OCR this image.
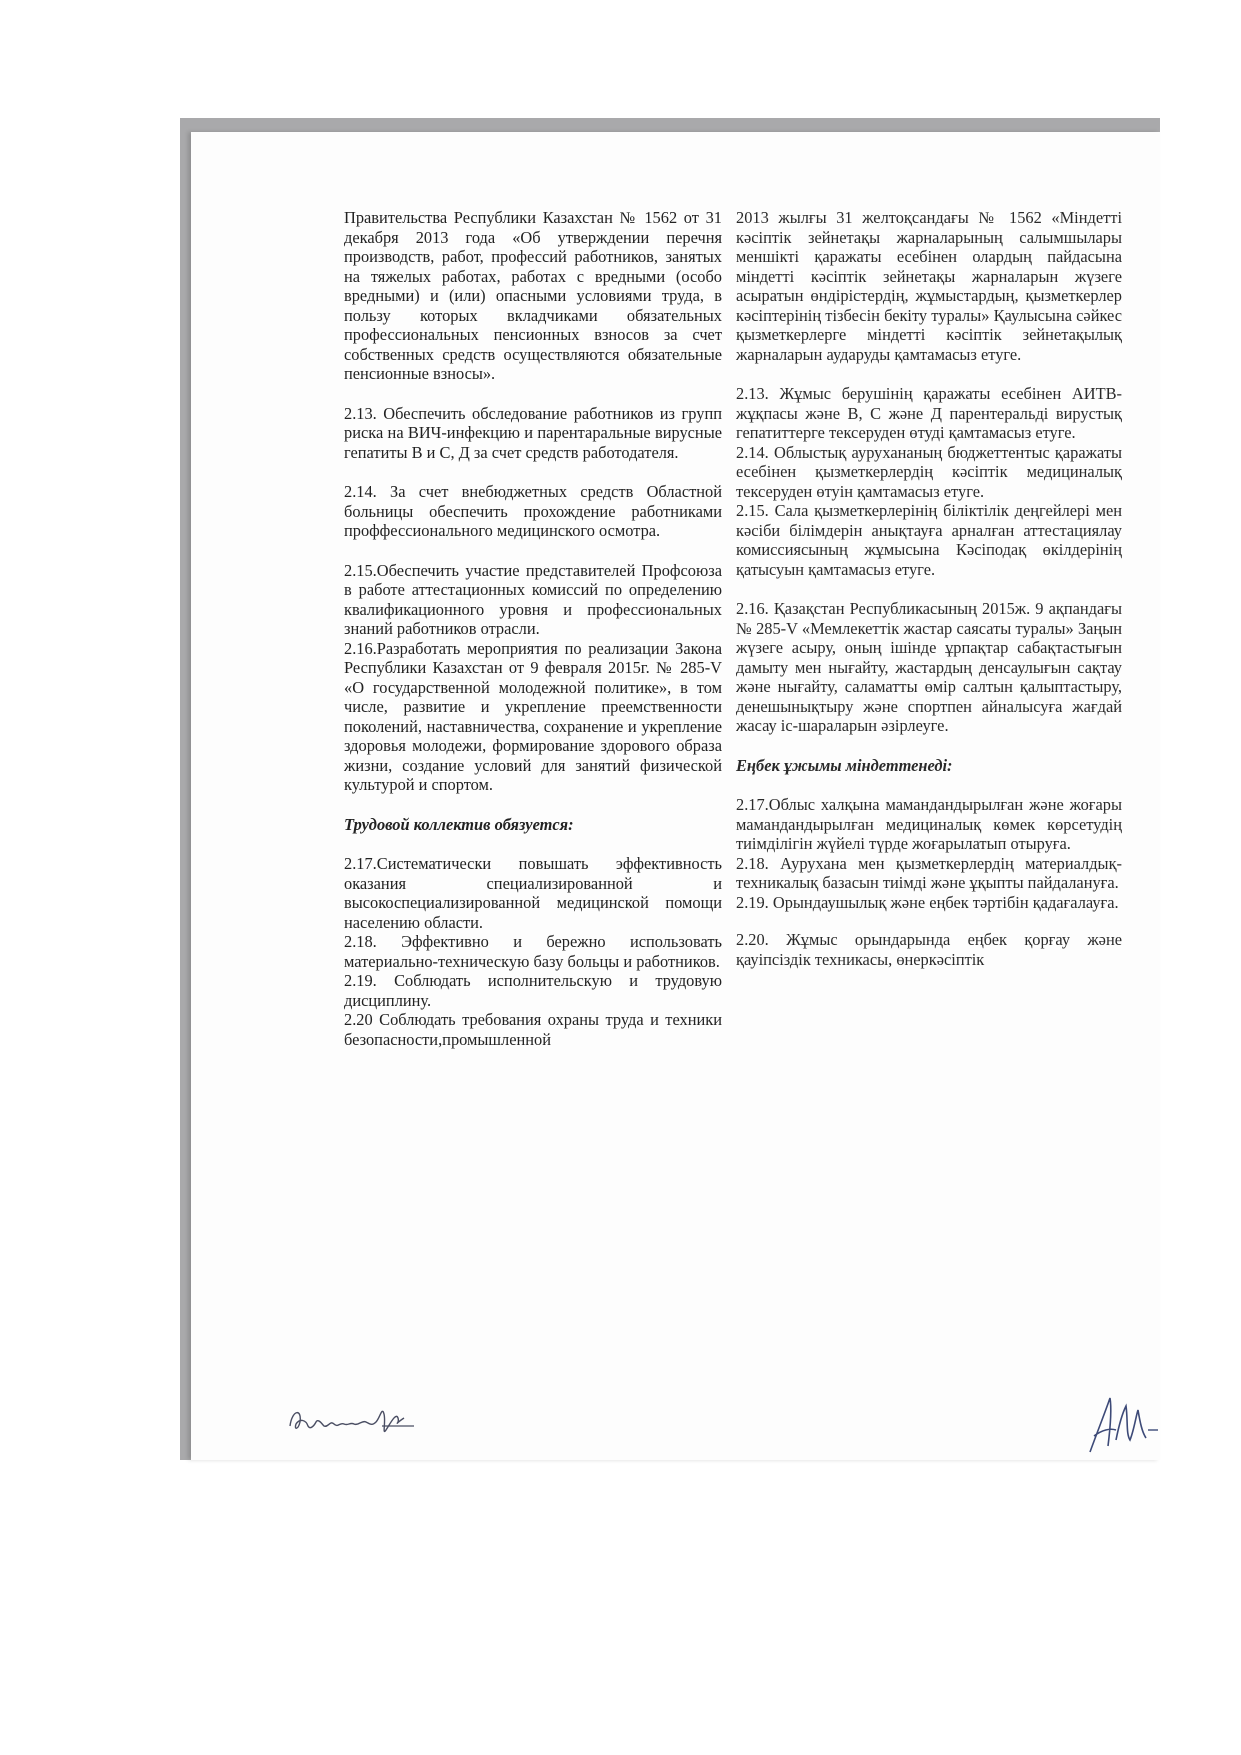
Правительства Республики Казахстан № 1562 от 31 декабря 2013 года «Об утверждении перечня производств, работ, профессий работников, занятых на тяжелых работах, работах с вредными (особо вредными) и (или) опасными условиями труда, в пользу которых вкладчиками обязательных профессиональных пенсионных взносов за счет собственных средств осуществляются обязательные пенсионные взносы».

2.13. Обеспечить обследование работников из групп риска на ВИЧ-инфекцию и парентаральные вирусные гепатиты В и С, Д за счет средств работодателя.

2.14. За счет внебюджетных средств Областной больницы обеспечить прохождение работниками проффессионального медицинского осмотра.

2.15.Обеспечить участие представителей Профсоюза в работе аттестационных комиссий по определению квалификационного уровня и профессиональных знаний работников отрасли.

2.16.Разработать мероприятия по реализации Закона Республики Казахстан от 9 февраля 2015г. № 285-V «О государственной молодежной политике», в том числе, развитие и укрепление преемственности поколений, наставничества, сохранение и укрепление здоровья молодежи, формирование здорового образа жизни, создание условий для занятий физической культурой и спортом.

Трудовой коллектив обязуется:

2.17.Систематически повышать эффективность оказания специализированной и высокоспециализированной медицинской помощи населению области.

2.18. Эффективно и бережно использовать материально-техническую базу больцы и работников.

2.19. Соблюдать исполнительскую и трудовую дисциплину.

2.20 Соблюдать требования охраны труда и техники безопасности,промышленной

2013 жылғы 31 желтоқсандағы № 1562 «Міндетті кәсіптік зейнетақы жарналарының салымшылары меншікті қаражаты есебінен олардың пайдасына міндетті кәсіптік зейнетақы жарналарын жүзеге асыратын өндірістердің, жұмыстардың, қызметкерлер кәсіптерінің тізбесін бекіту туралы» Қаулысына сәйкес қызметкерлерге міндетті кәсіптік зейнетақылық жарналарын аударуды қамтамасыз етуге.

2.13. Жұмыс берушінің қаражаты есебінен АИТВ- жұқпасы және В, С және Д парентеральді вирустық гепатиттерге тексеруден өтуді қамтамасыз етуге.

2.14. Облыстық аурухананың бюджеттентыс қаражаты есебінен қызметкерлердің кәсіптік медициналық тексеруден өтуін қамтамасыз етуге.

2.15. Сала қызметкерлерінің біліктілік деңгейлері мен кәсіби білімдерін анықтауға арналған аттестациялау комиссиясының жұмысына Кәсіподақ өкілдерінің қатысуын қамтамасыз етуге.

2.16. Қазақстан Республикасының 2015ж. 9 ақпандағы № 285-V «Мемлекеттік жастар саясаты туралы» Заңын жүзеге асыру, оның ішінде ұрпақтар сабақтастығын дамыту мен нығайту, жастардың денсаулығын сақтау және нығайту, саламатты өмір салтын қалыптастыру, денешынықтыру және спортпен айналысуға жағдай жасау іс-шараларын әзірлеуге.

Еңбек ұжымы міндеттенеді:

2.17.Облыс халқына мамандандырылған және жоғары мамандандырылған медициналық көмек көрсетудің тиімділігін жүйелі түрде жоғарылатып отыруға.

2.18. Аурухана мен қызметкерлердің материалдық-техникалық базасын тиімді және ұқыпты пайдалануға.

2.19. Орындаушылық және еңбек тәртібін қадағалауға.

2.20. Жұмыс орындарында еңбек қорғау және қауіпсіздік техникасы, өнеркәсіптік
